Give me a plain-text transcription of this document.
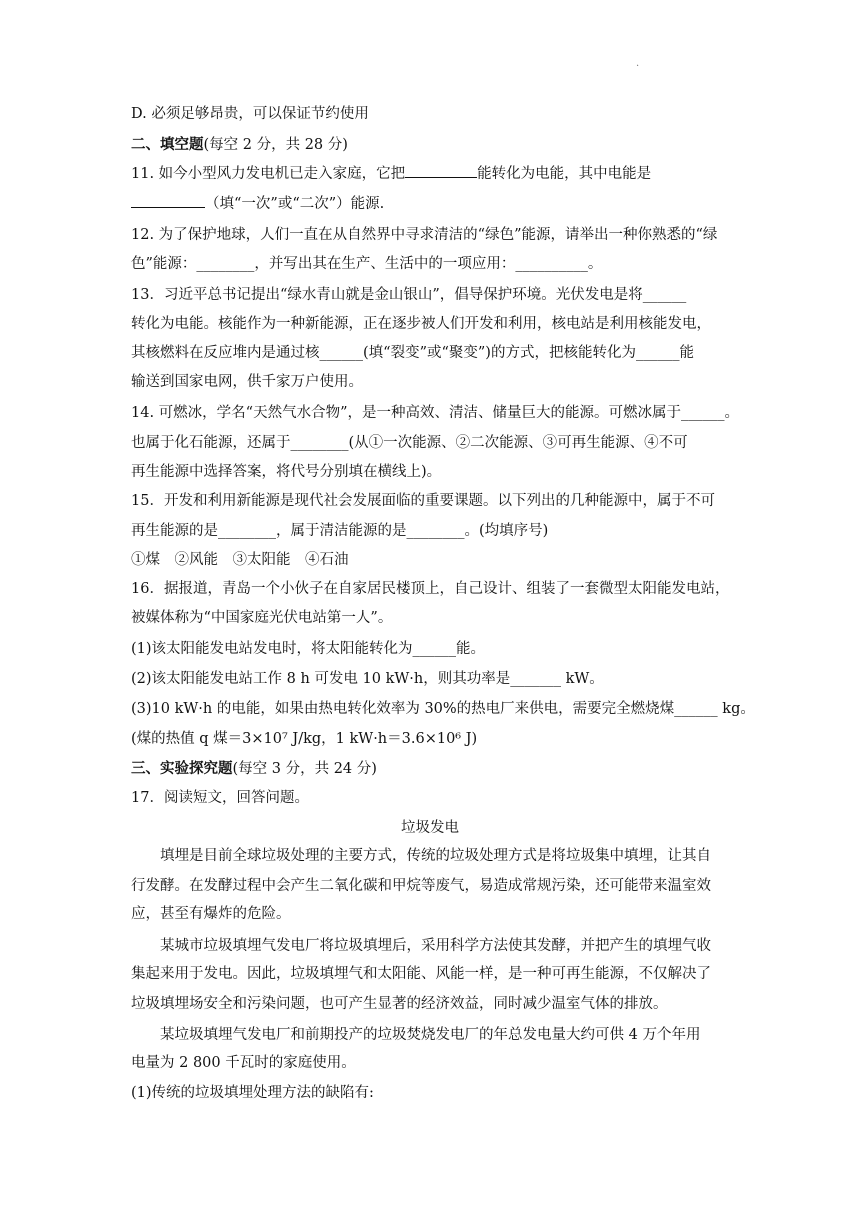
.
D. 必须足够昂贵，可以保证节约使用
二、填空题(每空 2 分，共 28 分)
11. 如今小型风力发电机已走入家庭，它把	能转化为电能，其中电能是
（填“一次”或“二次”）能源.
12. 为了保护地球，人们一直在从自然界中寻求清洁的“绿色”能源，请举出一种你熟悉的“绿
色”能源：________，并写出其在生产、生活中的一项应用：__________。
13．习近平总书记提出“绿水青山就是金山银山”，倡导保护环境。光伏发电是将______
转化为电能。核能作为一种新能源，正在逐步被人们开发和利用，核电站是利用核能发电，
其核燃料在反应堆内是通过核______(填“裂变”或“聚变”)的方式，把核能转化为______能
输送到国家电网，供千家万户使用。
14. 可燃冰，学名“天然气水合物”，是一种高效、清洁、储量巨大的能源。可燃冰属于______。
也属于化石能源，还属于________(从①一次能源、②二次能源、③可再生能源、④不可
再生能源中选择答案，将代号分别填在横线上)。
15．开发和利用新能源是现代社会发展面临的重要课题。以下列出的几种能源中，属于不可
再生能源的是________，属于清洁能源的是________。(均填序号)
①煤　②风能　③太阳能　④石油
16．据报道，青岛一个小伙子在自家居民楼顶上，自己设计、组装了一套微型太阳能发电站，
被媒体称为“中国家庭光伏电站第一人”。
(1)该太阳能发电站发电时，将太阳能转化为______能。
(2)该太阳能发电站工作 8 h 可发电 10 kW·h，则其功率是_______ kW。
(3)10 kW·h 的电能，如果由热电转化效率为 30%的热电厂来供电，需要完全燃烧煤______ kg。
(煤的热值 q 煤＝3×10⁷ J/kg，1 kW·h＝3.6×10⁶ J)
三、实验探究题(每空 3 分，共 24 分)
17．阅读短文，回答问题。
垃圾发电
填埋是目前全球垃圾处理的主要方式，传统的垃圾处理方式是将垃圾集中填埋，让其自
行发酵。在发酵过程中会产生二氧化碳和甲烷等废气，易造成常规污染，还可能带来温室效
应，甚至有爆炸的危险。
某城市垃圾填埋气发电厂将垃圾填埋后，采用科学方法使其发酵，并把产生的填埋气收
集起来用于发电。因此，垃圾填埋气和太阳能、风能一样，是一种可再生能源，不仅解决了
垃圾填埋场安全和污染问题，也可产生显著的经济效益，同时减少温室气体的排放。
某垃圾填埋气发电厂和前期投产的垃圾焚烧发电厂的年总发电量大约可供 4 万个年用
电量为 2 800 千瓦时的家庭使用。
(1)传统的垃圾填埋处理方法的缺陷有:
